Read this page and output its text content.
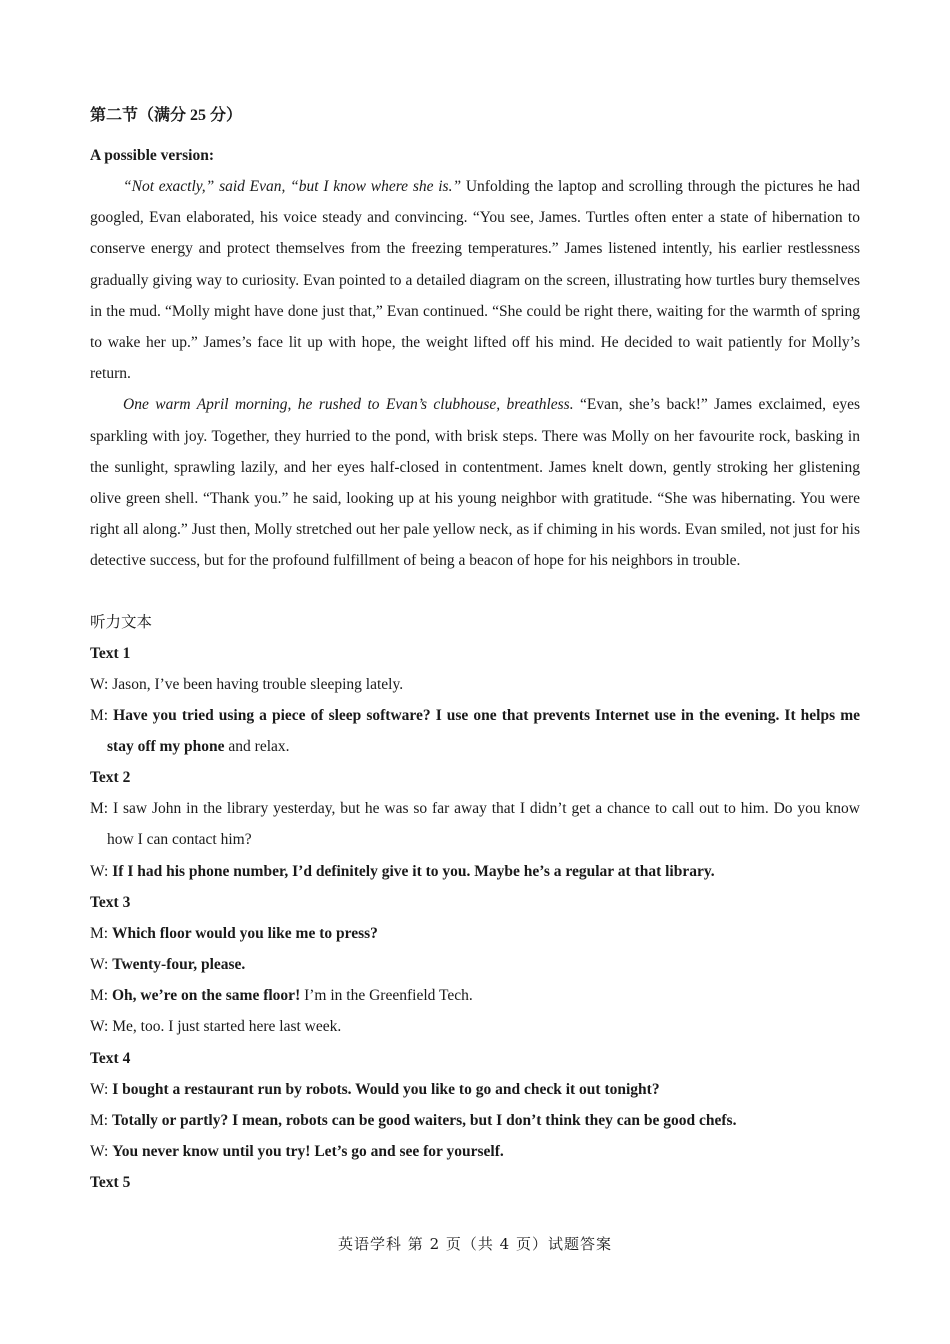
第二节（满分 25 分）

A possible version:

“Not exactly,” said Evan, “but I know where she is.” Unfolding the laptop and scrolling through the pictures he had googled, Evan elaborated, his voice steady and convincing. “You see, James. Turtles often enter a state of hibernation to conserve energy and protect themselves from the freezing temperatures.” James listened intently, his earlier restlessness gradually giving way to curiosity. Evan pointed to a detailed diagram on the screen, illustrating how turtles bury themselves in the mud. “Molly might have done just that,” Evan continued. “She could be right there, waiting for the warmth of spring to wake her up.” James’s face lit up with hope, the weight lifted off his mind. He decided to wait patiently for Molly’s return.

One warm April morning, he rushed to Evan’s clubhouse, breathless. “Evan, she’s back!” James exclaimed, eyes sparkling with joy. Together, they hurried to the pond, with brisk steps. There was Molly on her favourite rock, basking in the sunlight, sprawling lazily, and her eyes half-closed in contentment. James knelt down, gently stroking her glistening olive green shell. “Thank you.” he said, looking up at his young neighbor with gratitude. “She was hibernating. You were right all along.” Just then, Molly stretched out her pale yellow neck, as if chiming in his words. Evan smiled, not just for his detective success, but for the profound fulfillment of being a beacon of hope for his neighbors in trouble.

听力文本

Text 1

W: Jason, I’ve been having trouble sleeping lately.

M: Have you tried using a piece of sleep software? I use one that prevents Internet use in the evening. It helps me stay off my phone and relax.

Text 2

M: I saw John in the library yesterday, but he was so far away that I didn’t get a chance to call out to him. Do you know how I can contact him?

W: If I had his phone number, I’d definitely give it to you. Maybe he’s a regular at that library.

Text 3

M: Which floor would you like me to press?

W: Twenty-four, please.

M: Oh, we’re on the same floor! I’m in the Greenfield Tech.

W: Me, too. I just started here last week.

Text 4

W: I bought a restaurant run by robots. Would you like to go and check it out tonight?

M: Totally or partly? I mean, robots can be good waiters, but I don’t think they can be good chefs.

W: You never know until you try! Let’s go and see for yourself.

Text 5

英语学科 第 2 页（共 4 页）试题答案
